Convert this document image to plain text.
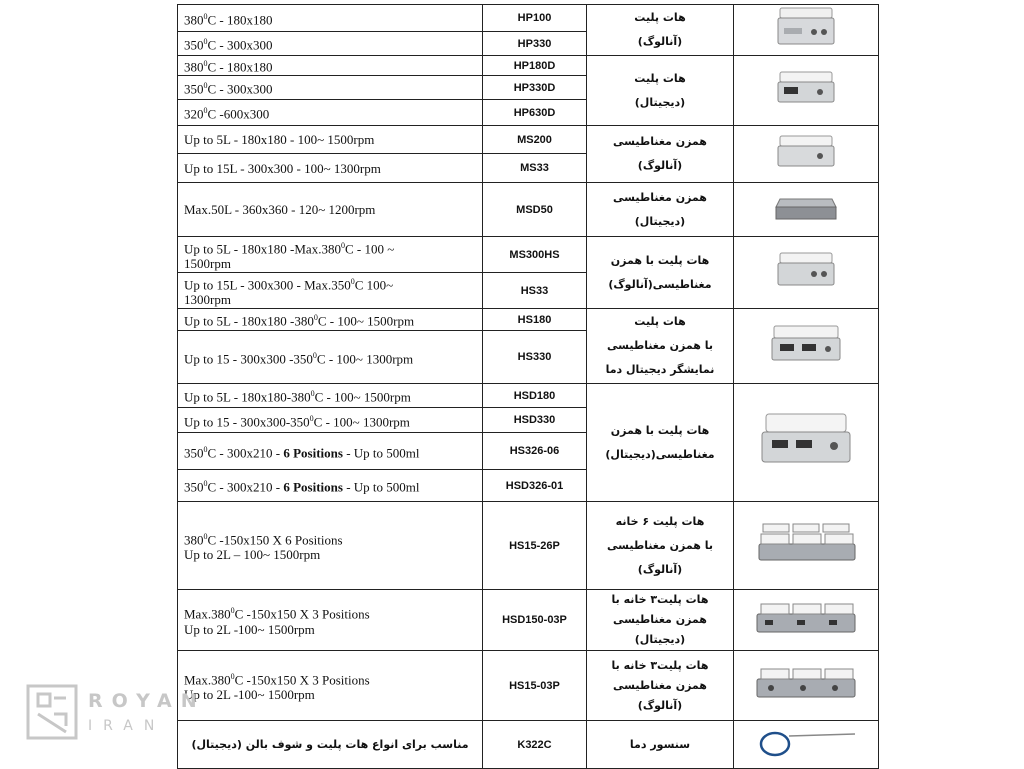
$380^0C - 180x180$	HP100	هات پلیت
(آنالوگ)

$350^0C - 300x300$	HP330		
$380^0C - 180x180$	HP180D	هات پلیت
(دیجیتال)

$350^0C - 300x300$	HP330D		
$320^0C$ -600x300	HP630D		
Up to 5L - 180x180 - 100~ 1500rpm	MS200	همزن مغناطیسی
(آنالوگ)

Up to 15L - 300x300 - 100~ 1300rpm	MS33		
Max.50L - 360x360 - 120~ 1200rpm	MSD50	همزن مغناطیسی
(دیجیتال)

Up to 5L - 180x180 -Max.380$^0$C - 100 ~
1500rpm	MS300HS	هات پلیت با همزن
مغناطیسی(آنالوگ)

Up to 15L - 300x300 - Max.350$^0$C 100~
1300rpm	HS33		
Up to 5L - 180x180 $-380^0C$ - 100~ 1500rpm	HS180	هات پلیت
با همزن مغناطیسی
نمایشگر دیجیتال دما

Up to 15 - 300x300 $-350^0C$ - 100~ 1300rpm	HS330		
Up to $5L - 180x180-380^0C$ - 100~ 1500rpm	HSD180	هات پلیت با همزن
مغناطیسی(دیجیتال)

Up to $15 - 300x300-350^0C$ - 100~ 1300rpm	HSD330		
$350^0C - 300x210 - 6$ Positions - Up to 500ml	HS326-06		
$350^0C - 300x210 - 6$ Positions - Up to 500ml	HSD326-01		
$380^0C$ -150x150 X 6 Positions
Up to 2L – 100~ 1500rpm	HS15-26P	هات پلیت ۶ خانه
با همزن مغناطیسی
(آنالوگ)

Max.380$^0$C -150x150 X 3 Positions
Up to 2L -100~ 1500rpm	HSD150-03P	هات پلیت۳ خانه با
همزن مغناطیسی
(دیجیتال)

Max.380$^0$C -150x150 X 3 Positions
Up to 2L -100~ 1500rpm	HS15-03P	هات پلیت۳ خانه با
همزن مغناطیسی
(آنالوگ)

مناسب برای انواع هات پلیت و شوف بالن (دیجیتال)	K322C	سنسور دما	
ROYAN
IRAN
